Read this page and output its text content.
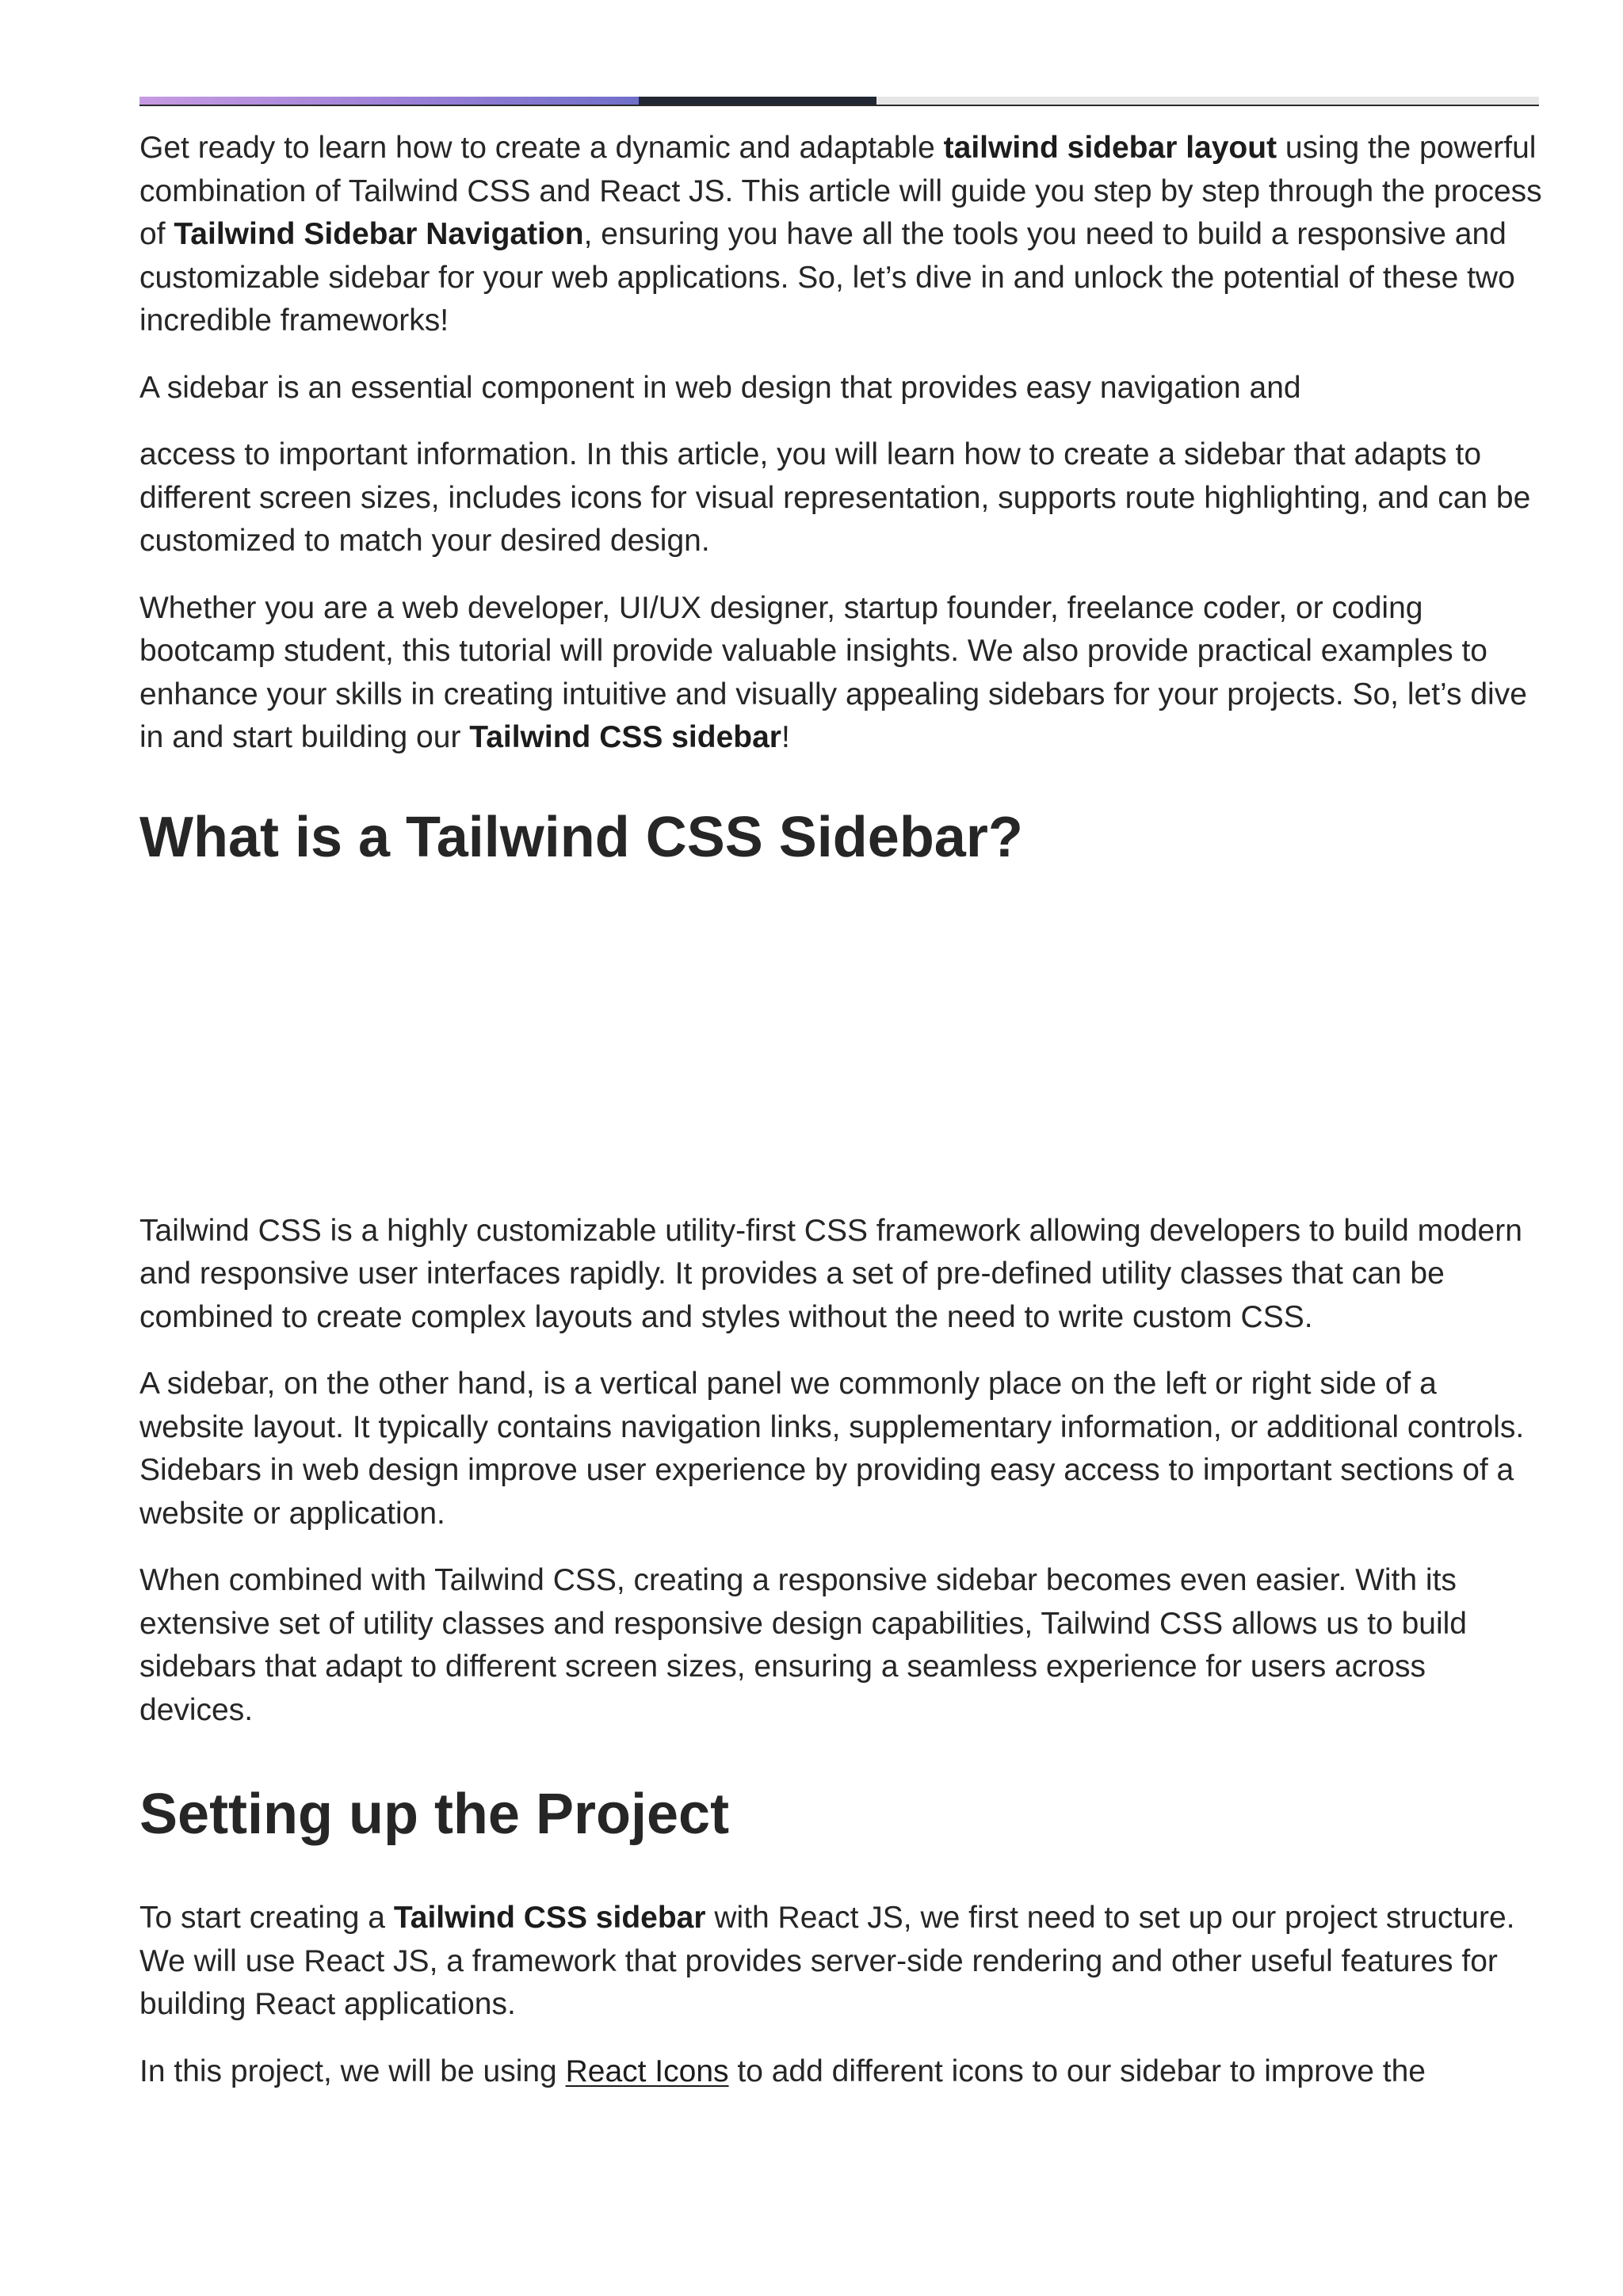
Get ready to learn how to create a dynamic and adaptable tailwind sidebar layout using the powerful combination of Tailwind CSS and React JS. This article will guide you step by step through the process of Tailwind Sidebar Navigation, ensuring you have all the tools you need to build a responsive and customizable sidebar for your web applications. So, let’s dive in and unlock the potential of these two incredible frameworks!

A sidebar is an essential component in web design that provides easy navigation and

access to important information. In this article, you will learn how to create a sidebar that adapts to different screen sizes, includes icons for visual representation, supports route highlighting, and can be customized to match your desired design.

Whether you are a web developer, UI/UX designer, startup founder, freelance coder, or coding bootcamp student, this tutorial will provide valuable insights. We also provide practical examples to enhance your skills in creating intuitive and visually appealing sidebars for your projects. So, let’s dive in and start building our Tailwind CSS sidebar!

What is a Tailwind CSS Sidebar?

Tailwind CSS is a highly customizable utility-first CSS framework allowing developers to build modern and responsive user interfaces rapidly. It provides a set of pre-defined utility classes that can be combined to create complex layouts and styles without the need to write custom CSS.

A sidebar, on the other hand, is a vertical panel we commonly place on the left or right side of a website layout. It typically contains navigation links, supplementary information, or additional controls. Sidebars in web design improve user experience by providing easy access to important sections of a website or application.

When combined with Tailwind CSS, creating a responsive sidebar becomes even easier. With its extensive set of utility classes and responsive design capabilities, Tailwind CSS allows us to build sidebars that adapt to different screen sizes, ensuring a seamless experience for users across devices.

Setting up the Project

To start creating a Tailwind CSS sidebar with React JS, we first need to set up our project structure. We will use React JS, a framework that provides server-side rendering and other useful features for building React applications.

In this project, we will be using React Icons to add different icons to our sidebar to improve the
